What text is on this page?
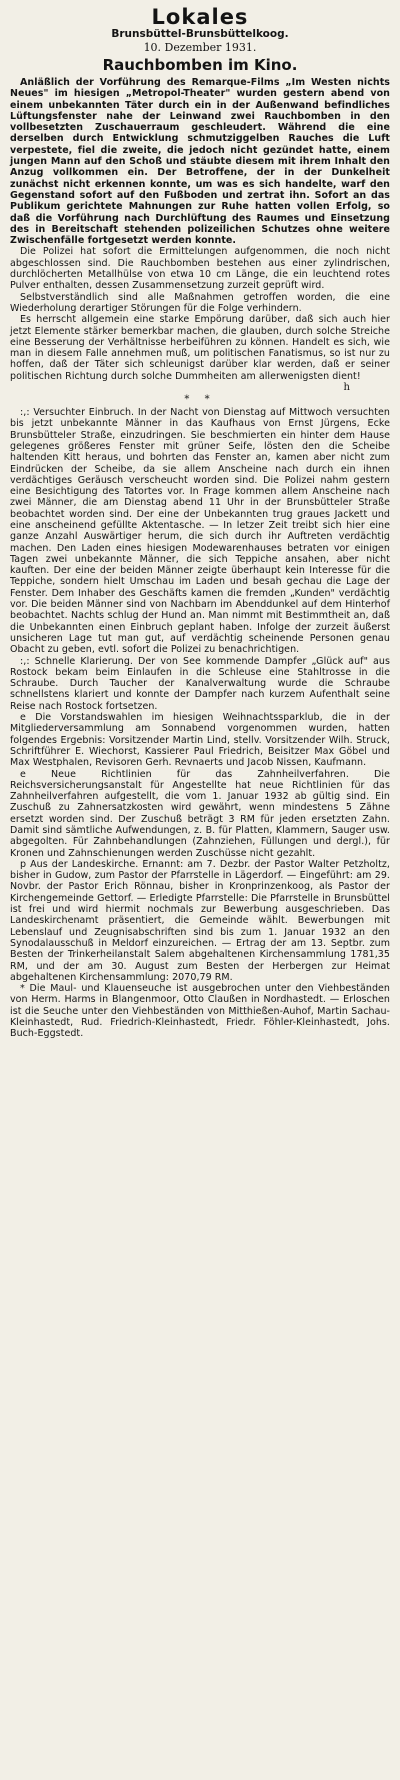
Lokales
Brunsbüttel-Brunsbüttelkoog.
10. Dezember 1931.
Rauchbomben im Kino.

Anläßlich der Vorführung des Remarque-Films „Im Westen nichts Neues" im hiesigen „Metropol-Theater" wurden gestern abend von einem unbekannten Täter durch ein in der Außenwand befindliches Lüftungsfenster nahe der Leinwand zwei Rauchbomben in den vollbesetzten Zuschauerraum geschleudert. Während die eine derselben durch Entwicklung schmutziggelben Rauches die Luft verpestete, fiel die zweite, die jedoch nicht gezündet hatte, einem jungen Mann auf den Schoß und stäubte diesem mit ihrem Inhalt den Anzug vollkommen ein. Der Betroffene, der in der Dunkelheit zunächst nicht erkennen konnte, um was es sich handelte, warf den Gegenstand sofort auf den Fußboden und zertrat ihn. Sofort an das Publikum gerichtete Mahnungen zur Ruhe hatten vollen Erfolg, so daß die Vorführung nach Durchlüftung des Raumes und Einsetzung des in Bereitschaft stehenden polizeilichen Schutzes ohne weitere Zwischenfälle fortgesetzt werden konnte.

Die Polizei hat sofort die Ermittelungen aufgenommen, die noch nicht abgeschlossen sind. Die Rauchbomben bestehen aus einer zylindrischen, durchlöcherten Metallhülse von etwa 10 cm Länge, die ein leuchtend rotes Pulver enthalten, dessen Zusammensetzung zurzeit geprüft wird.

Selbstverständlich sind alle Maßnahmen getroffen worden, die eine Wiederholung derartiger Störungen für die Folge verhindern.

Es herrscht allgemein eine starke Empörung darüber, daß sich auch hier jetzt Elemente stärker bemerkbar machen, die glauben, durch solche Streiche eine Besserung der Verhältnisse herbeiführen zu können. Handelt es sich, wie man in diesem Falle annehmen muß, um politischen Fanatismus, so ist nur zu hoffen, daß der Täter sich schleunigst darüber klar werden, daß er seiner politischen Richtung durch solche Dummheiten am allerwenigsten dient!

h
* *

:,: Versuchter Einbruch. In der Nacht von Dienstag auf Mittwoch versuchten bis jetzt unbekannte Männer in das Kaufhaus von Ernst Jürgens, Ecke Brunsbütteler Straße, einzudringen. Sie beschmierten ein hinter dem Hause gelegenes größeres Fenster mit grüner Seife, lösten den die Scheibe haltenden Kitt heraus, und bohrten das Fenster an, kamen aber nicht zum Eindrücken der Scheibe, da sie allem Anscheine nach durch ein ihnen verdächtiges Geräusch verscheucht worden sind. Die Polizei nahm gestern eine Besichtigung des Tatortes vor. In Frage kommen allem Anscheine nach zwei Männer, die am Dienstag abend 11 Uhr in der Brunsbütteler Straße beobachtet worden sind. Der eine der Unbekannten trug graues Jackett und eine anscheinend gefüllte Aktentasche. — In letzer Zeit treibt sich hier eine ganze Anzahl Auswärtiger herum, die sich durch ihr Auftreten verdächtig machen. Den Laden eines hiesigen Modewarenhauses betraten vor einigen Tagen zwei unbekannte Männer, die sich Teppiche ansahen, aber nicht kauften. Der eine der beiden Männer zeigte überhaupt kein Interesse für die Teppiche, sondern hielt Umschau im Laden und besah gechau die Lage der Fenster. Dem Inhaber des Geschäfts kamen die fremden „Kunden" verdächtig vor. Die beiden Männer sind von Nachbarn im Abenddunkel auf dem Hinterhof beobachtet. Nachts schlug der Hund an. Man nimmt mit Bestimmtheit an, daß die Unbekannten einen Einbruch geplant haben. Infolge der zurzeit äußerst unsicheren Lage tut man gut, auf verdächtig scheinende Personen genau Obacht zu geben, evtl. sofort die Polizei zu benachrichtigen.

:,: Schnelle Klarierung. Der von See kommende Dampfer „Glück auf" aus Rostock bekam beim Einlaufen in die Schleuse eine Stahltrosse in die Schraube. Durch Taucher der Kanalverwaltung wurde die Schraube schnellstens klariert und konnte der Dampfer nach kurzem Aufenthalt seine Reise nach Rostock fortsetzen.

e Die Vorstandswahlen im hiesigen Weihnachtssparklub, die in der Mitgliederversammlung am Sonnabend vorgenommen wurden, hatten folgendes Ergebnis: Vorsitzender Martin Lind, stellv. Vorsitzender Wilh. Struck, Schriftführer E. Wiechorst, Kassierer Paul Friedrich, Beisitzer Max Göbel und Max Westphalen, Revisoren Gerh. Revnaerts und Jacob Nissen, Kaufmann.

e Neue Richtlinien für das Zahnheilverfahren. Die Reichsversicherungsanstalt für Angestellte hat neue Richtlinien für das Zahnheilverfahren aufgestellt, die vom 1. Januar 1932 ab gültig sind. Ein Zuschuß zu Zahnersatzkosten wird gewährt, wenn mindestens 5 Zähne ersetzt worden sind. Der Zuschuß beträgt 3 RM für jeden ersetzten Zahn. Damit sind sämtliche Aufwendungen, z. B. für Platten, Klammern, Sauger usw. abgegolten. Für Zahnbehandlungen (Zahnziehen, Füllungen und dergl.), für Kronen und Zahnschienungen werden Zuschüsse nicht gezahlt.

p Aus der Landeskirche. Ernannt: am 7. Dezbr. der Pastor Walter Petzholtz, bisher in Gudow, zum Pastor der Pfarrstelle in Lägerdorf. — Eingeführt: am 29. Novbr. der Pastor Erich Rönnau, bisher in Kronprinzenkoog, als Pastor der Kirchengemeinde Gettorf. — Erledigte Pfarrstelle: Die Pfarrstelle in Brunsbüttel ist frei und wird hiermit nochmals zur Bewerbung ausgeschrieben. Das Landeskirchenamt präsentiert, die Gemeinde wählt. Bewerbungen mit Lebenslauf und Zeugnisabschriften sind bis zum 1. Januar 1932 an den Synodalausschuß in Meldorf einzureichen. — Ertrag der am 13. Septbr. zum Besten der Trinkerheilanstalt Salem abgehaltenen Kirchensammlung 1781,35 RM, und der am 30. August zum Besten der Herbergen zur Heimat abgehaltenen Kirchensammlung: 2070,79 RM.

* Die Maul- und Klauenseuche ist ausgebrochen unter den Viehbeständen von Herm. Harms in Blangenmoor, Otto Claußen in Nordhastedt. — Erloschen ist die Seuche unter den Viehbeständen von Mitthießen-Auhof, Martin Sachau-Kleinhastedt, Rud. Friedrich-Kleinhastedt, Friedr. Föhler-Kleinhastedt, Johs. Buch-Eggstedt.
